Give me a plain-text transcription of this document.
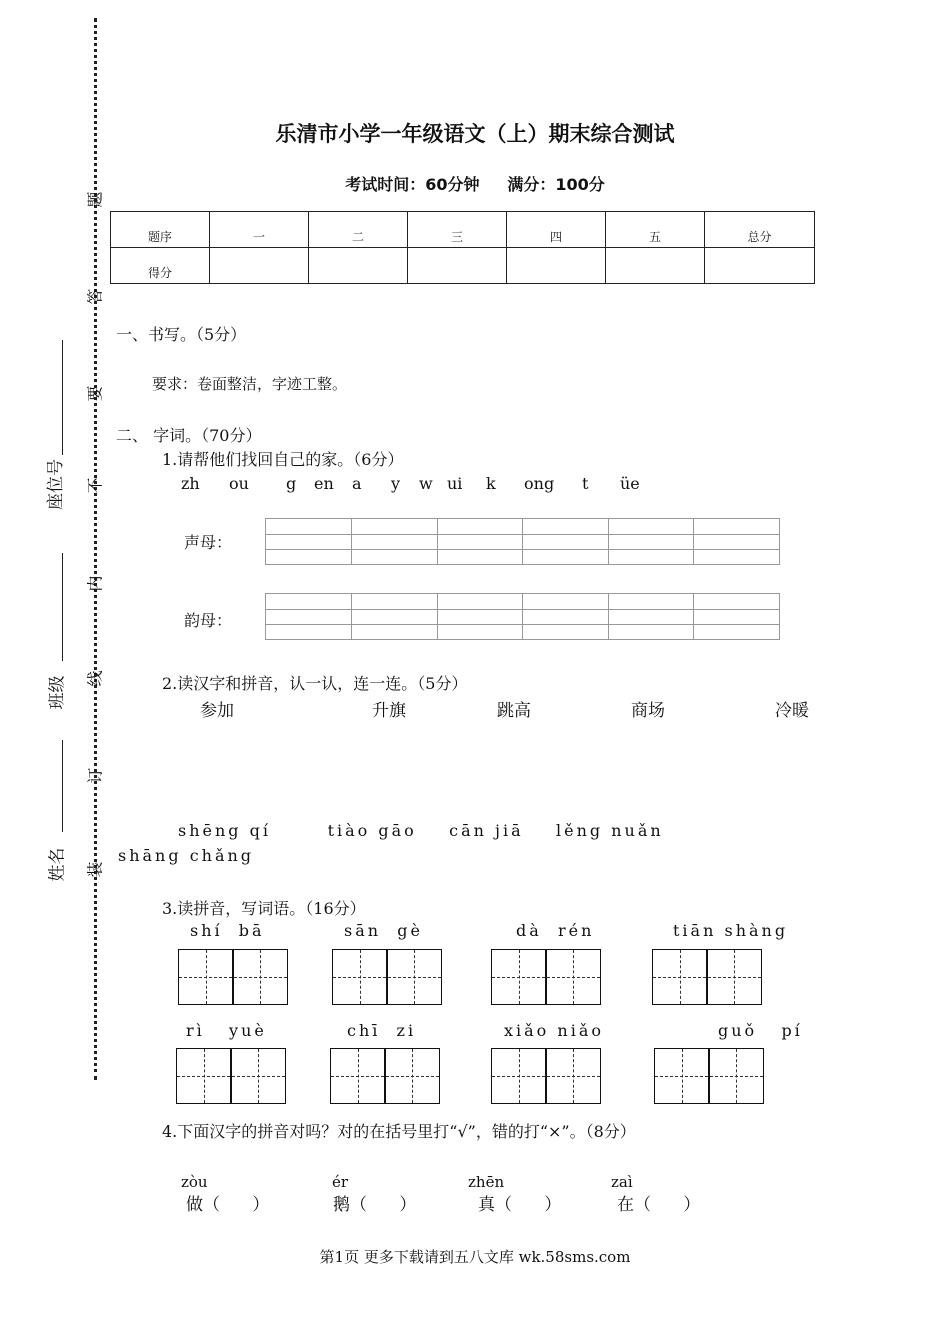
题
答
要
不
内
线
订
装
座位号
班级
姓名
乐清市小学一年级语文（上）期末综合测试
考试时间：60分钟     满分：100分
题序	一	二	三	四	五	总分
得分						
一、书写。（5分）
要求：卷面整洁，字迹工整。
二、 字词。（70分）
1.请帮他们找回自己的家。（6分）
zh ou g en a y w ui k ong t üe
声母：
韵母：
2.读汉字和拼音，认一认，连一连。（5分）
参加	升旗	跳高	商场	冷暖
shēng qí       tiào gāo    cān jiā    lěng nuǎn
shāng chǎng
3.读拼音，写词语。（16分）
shí  bā	sān  gè	dà  rén	tiān shàng
rì   yuè	chī  zi	xiǎo niǎo	guǒ   pí
4.下面汉字的拼音对吗？对的在括号里打“√”，错的打“×”。（8分）
zòu
做（      ）
ér
鹅（      ）
zhēn
真（      ）
zaì
在（      ）
第1页 更多下载请到五八文库 wk.58sms.com
